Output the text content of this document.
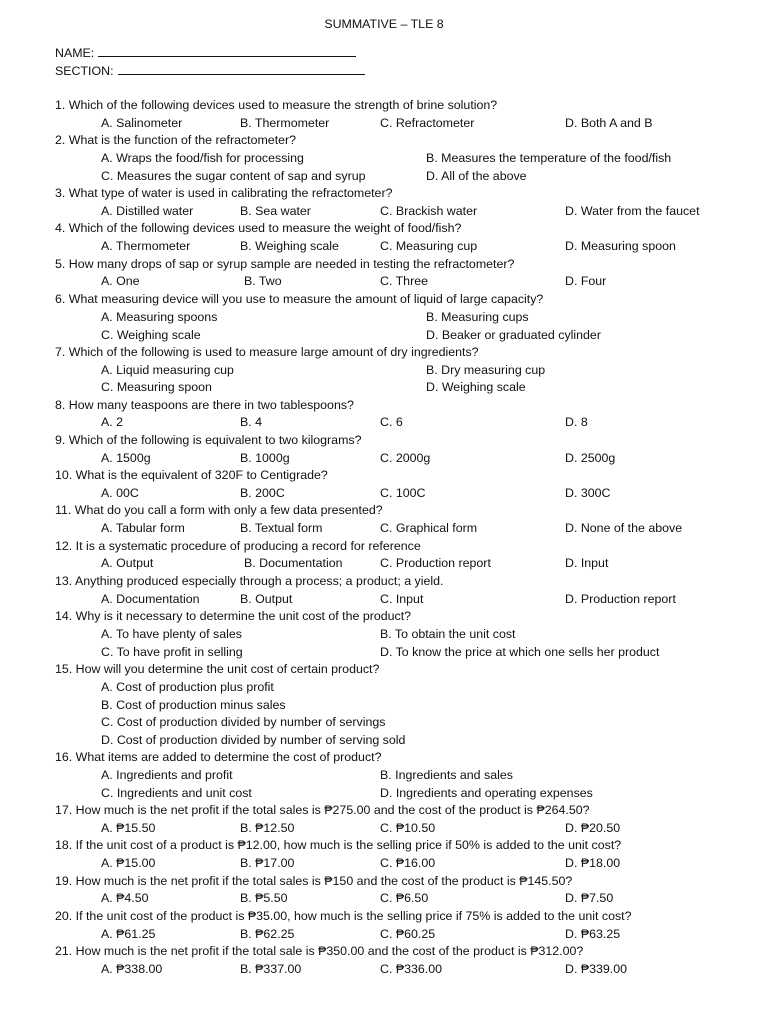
SUMMATIVE – TLE 8
NAME:
SECTION:
1. Which of the following devices used to measure the strength of brine solution?
A. Salinometer	B. Thermometer	C. Refractometer	D. Both A and B
2. What is the function of the refractometer?
A. Wraps the food/fish for processing	B. Measures the temperature of the food/fish
C. Measures the sugar content of sap and syrup	D. All of the above
3. What type of water is used in calibrating the refractometer?
A. Distilled water	B. Sea water	C. Brackish water	D. Water from the faucet
4. Which of the following devices used to measure the weight of food/fish?
A. Thermometer	B. Weighing scale	C. Measuring cup	D. Measuring spoon
5. How many drops of sap or syrup sample are needed in testing the refractometer?
A. One	B. Two	C. Three	D. Four
6. What measuring device will you use to measure the amount of liquid of large capacity?
A. Measuring spoons	B. Measuring cups
C. Weighing scale	D. Beaker or graduated cylinder
7. Which of the following is used to measure large amount of dry ingredients?
A. Liquid measuring cup	B. Dry measuring cup
C. Measuring spoon	D. Weighing scale
8. How many teaspoons are there in two tablespoons?
A. 2	B. 4	C. 6	D. 8
9. Which of the following is equivalent to two kilograms?
A. 1500g	B. 1000g	C. 2000g	D. 2500g
10. What is the equivalent of 320F to Centigrade?
A. 00C	B. 200C	C. 100C	D. 300C
11. What do you call a form with only a few data presented?
A. Tabular form	B. Textual form	C. Graphical form	D. None of the above
12. It is a systematic procedure of producing a record for reference
A. Output	B. Documentation	C. Production report	D. Input
13. Anything produced especially through a process; a product; a yield.
A. Documentation	B. Output	C. Input	D. Production report
14. Why is it necessary to determine the unit cost of the product?
A. To have plenty of sales	B. To obtain the unit cost
C. To have profit in selling	D. To know the price at which one sells her product
15. How will you determine the unit cost of certain product?
A. Cost of production plus profit
B. Cost of production minus sales
C. Cost of production divided by number of servings
D. Cost of production divided by number of serving sold
16. What items are added to determine the cost of product?
A. Ingredients and profit	B. Ingredients and sales
C. Ingredients and unit cost	D. Ingredients and operating expenses
17. How much is the net profit if the total sales is ₱275.00 and the cost of the product is ₱264.50?
A. ₱15.50	B. ₱12.50	C. ₱10.50	D. ₱20.50
18. If the unit cost of a product is ₱12.00, how much is the selling price if 50% is added to the unit cost?
A. ₱15.00	B. ₱17.00	C. ₱16.00	D. ₱18.00
19. How much is the net profit if the total sales is ₱150 and the cost of the product is ₱145.50?
A. ₱4.50	B. ₱5.50	C. ₱6.50	D. ₱7.50
20. If the unit cost of the product is ₱35.00, how much is the selling price if 75% is added to the unit cost?
A. ₱61.25	B. ₱62.25	C. ₱60.25	D. ₱63.25
21. How much is the net profit if the total sale is ₱350.00 and the cost of the product is ₱312.00?
A. ₱338.00	B. ₱337.00	C. ₱336.00	D. ₱339.00
